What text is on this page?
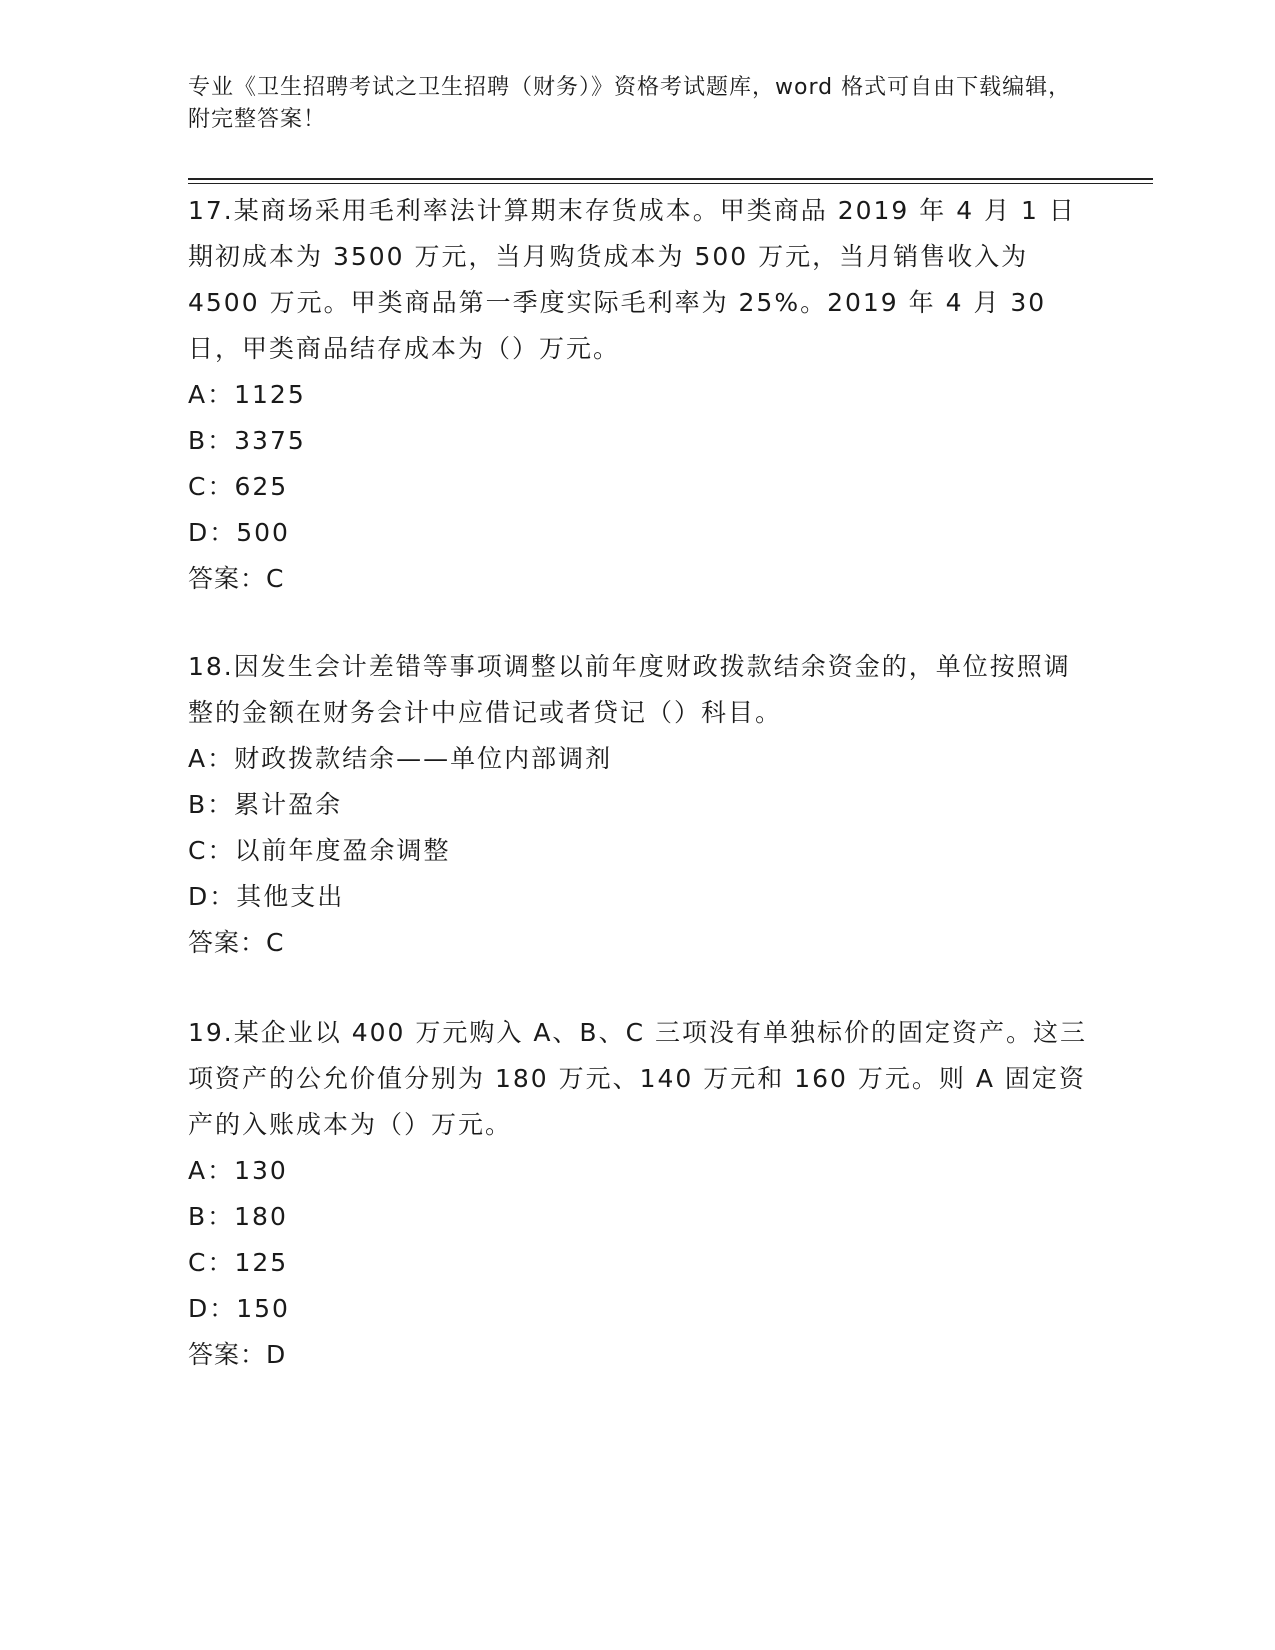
专业《卫生招聘考试之卫生招聘（财务）》资格考试题库，word 格式可自由下载编辑，附完整答案！

17.某商场采用毛利率法计算期末存货成本。甲类商品 2019 年 4 月 1 日期初成本为 3500 万元，当月购货成本为 500 万元，当月销售收入为 4500 万元。甲类商品第一季度实际毛利率为 25%。2019 年 4 月 30 日，甲类商品结存成本为（）万元。

A：1125

B：3375

C：625

D：500

答案：C

18.因发生会计差错等事项调整以前年度财政拨款结余资金的，单位按照调整的金额在财务会计中应借记或者贷记（）科目。

A：财政拨款结余——单位内部调剂

B：累计盈余

C：以前年度盈余调整

D：其他支出

答案：C

19.某企业以 400 万元购入 A、B、C 三项没有单独标价的固定资产。这三项资产的公允价值分别为 180 万元、140 万元和 160 万元。则 A 固定资产的入账成本为（）万元。

A：130

B：180

C：125

D：150

答案：D
